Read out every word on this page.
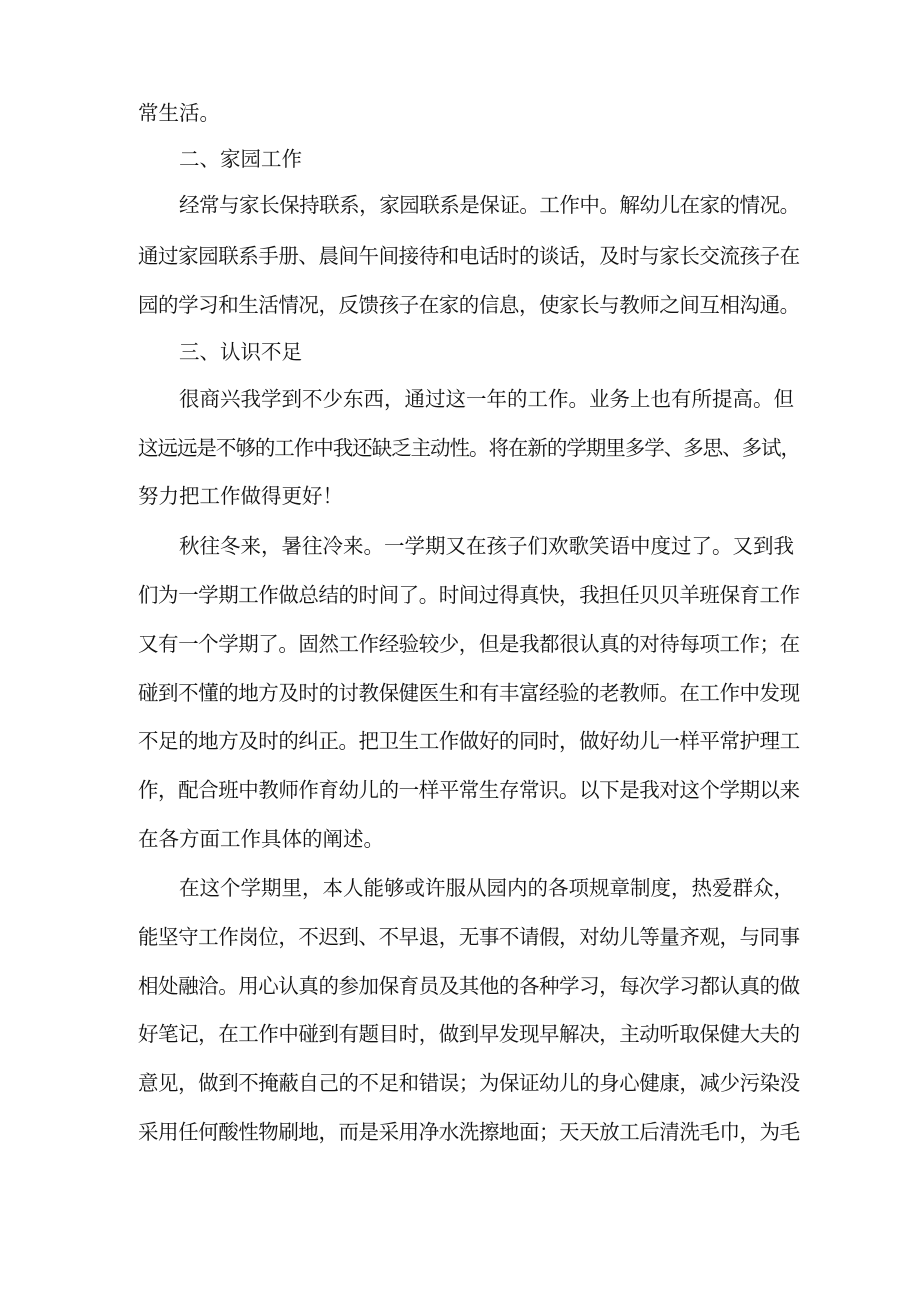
常生活。
二、家园工作
经常与家长保持联系，家园联系是保证。工作中。解幼儿在家的情况。
通过家园联系手册、晨间午间接待和电话时的谈话，及时与家长交流孩子在
园的学习和生活情况，反馈孩子在家的信息，使家长与教师之间互相沟通。
三、认识不足
很商兴我学到不少东西，通过这一年的工作。业务上也有所提高。但
这远远是不够的工作中我还缺乏主动性。将在新的学期里多学、多思、多试，
努力把工作做得更好！
秋往冬来，暑往冷来。一学期又在孩子们欢歌笑语中度过了。又到我
们为一学期工作做总结的时间了。时间过得真快，我担任贝贝羊班保育工作
又有一个学期了。固然工作经验较少，但是我都很认真的对待每项工作；在
碰到不懂的地方及时的讨教保健医生和有丰富经验的老教师。在工作中发现
不足的地方及时的纠正。把卫生工作做好的同时，做好幼儿一样平常护理工
作，配合班中教师作育幼儿的一样平常生存常识。以下是我对这个学期以来
在各方面工作具体的阐述。
在这个学期里，本人能够或许服从园内的各项规章制度，热爱群众，
能坚守工作岗位，不迟到、不早退，无事不请假，对幼儿等量齐观，与同事
相处融洽。用心认真的参加保育员及其他的各种学习，每次学习都认真的做
好笔记，在工作中碰到有题目时，做到早发现早解决，主动听取保健大夫的
意见，做到不掩蔽自己的不足和错误；为保证幼儿的身心健康，减少污染没
采用任何酸性物刷地，而是采用净水洗擦地面；天天放工后清洗毛巾，为毛
